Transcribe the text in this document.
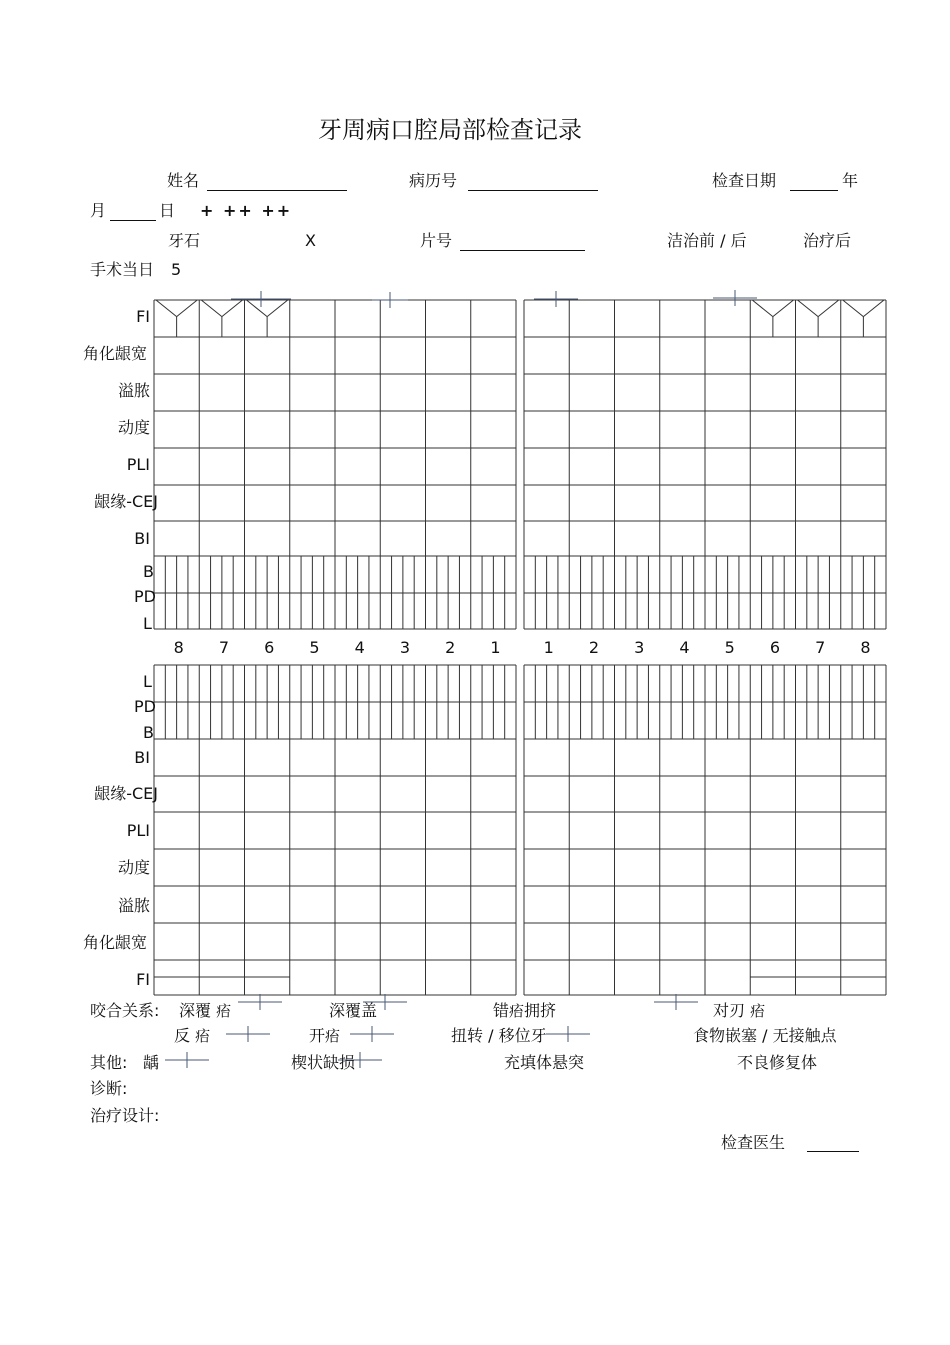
牙周病口腔局部检查记录
姓名	病历号	检查日期	年
月	日 + ++ ++
牙石	X	片号	洁治前 / 后	治疗后
手术当日 5
FI
角化龈宽
溢脓
动度
PLI
龈缘-CEJ
BI
B
PD
L
8 7 6 5 4 3 2 1	1 2 3 4 5 6 7 8
L
PD
B
BI
龈缘-CEJ
PLI
动度
溢脓
角化龈宽
FI
咬合关系: 深覆 㾂	深覆盖	错㾂拥挤	对刃 㾂
反 㾂	开㾂	扭转 / 移位牙	食物嵌塞 / 无接触点
其他: 龋	楔状缺损	充填体悬突	不良修复体
诊断:
治疗设计:
检查医生
